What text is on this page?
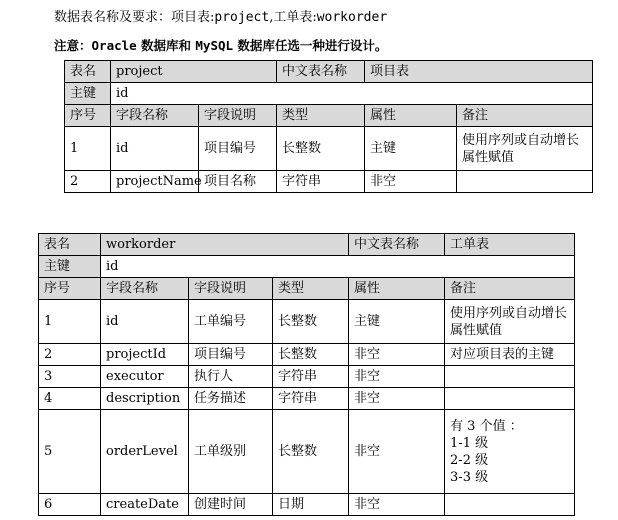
数据表名称及要求：项目表:project,工单表:workorder
注意：Oracle 数据库和 MySQL 数据库任选一种进行设计。
表名	project		中文表名称	项目表	
主键	id				
序号	字段名称	字段说明	类型	属性	备注
1	id	项目编号	长整数	主键	使用序列或自动增长属性赋值
2	projectName	项目名称	字符串	非空	
表名	workorder			中文表名称	工单表
主键	id				
序号	字段名称	字段说明	类型	属性	备注
1	id	工单编号	长整数	主键	使用序列或自动增长属性赋值
2	projectId	项目编号	长整数	非空	对应项目表的主键
3	executor	执行人	字符串	非空	
4	description	任务描述	字符串	非空	
5	orderLevel	工单级别	长整数	非空	有 3 个值 ：
1-1 级
2-2 级
3-3 级

6	createDate	创建时间	日期	非空	
